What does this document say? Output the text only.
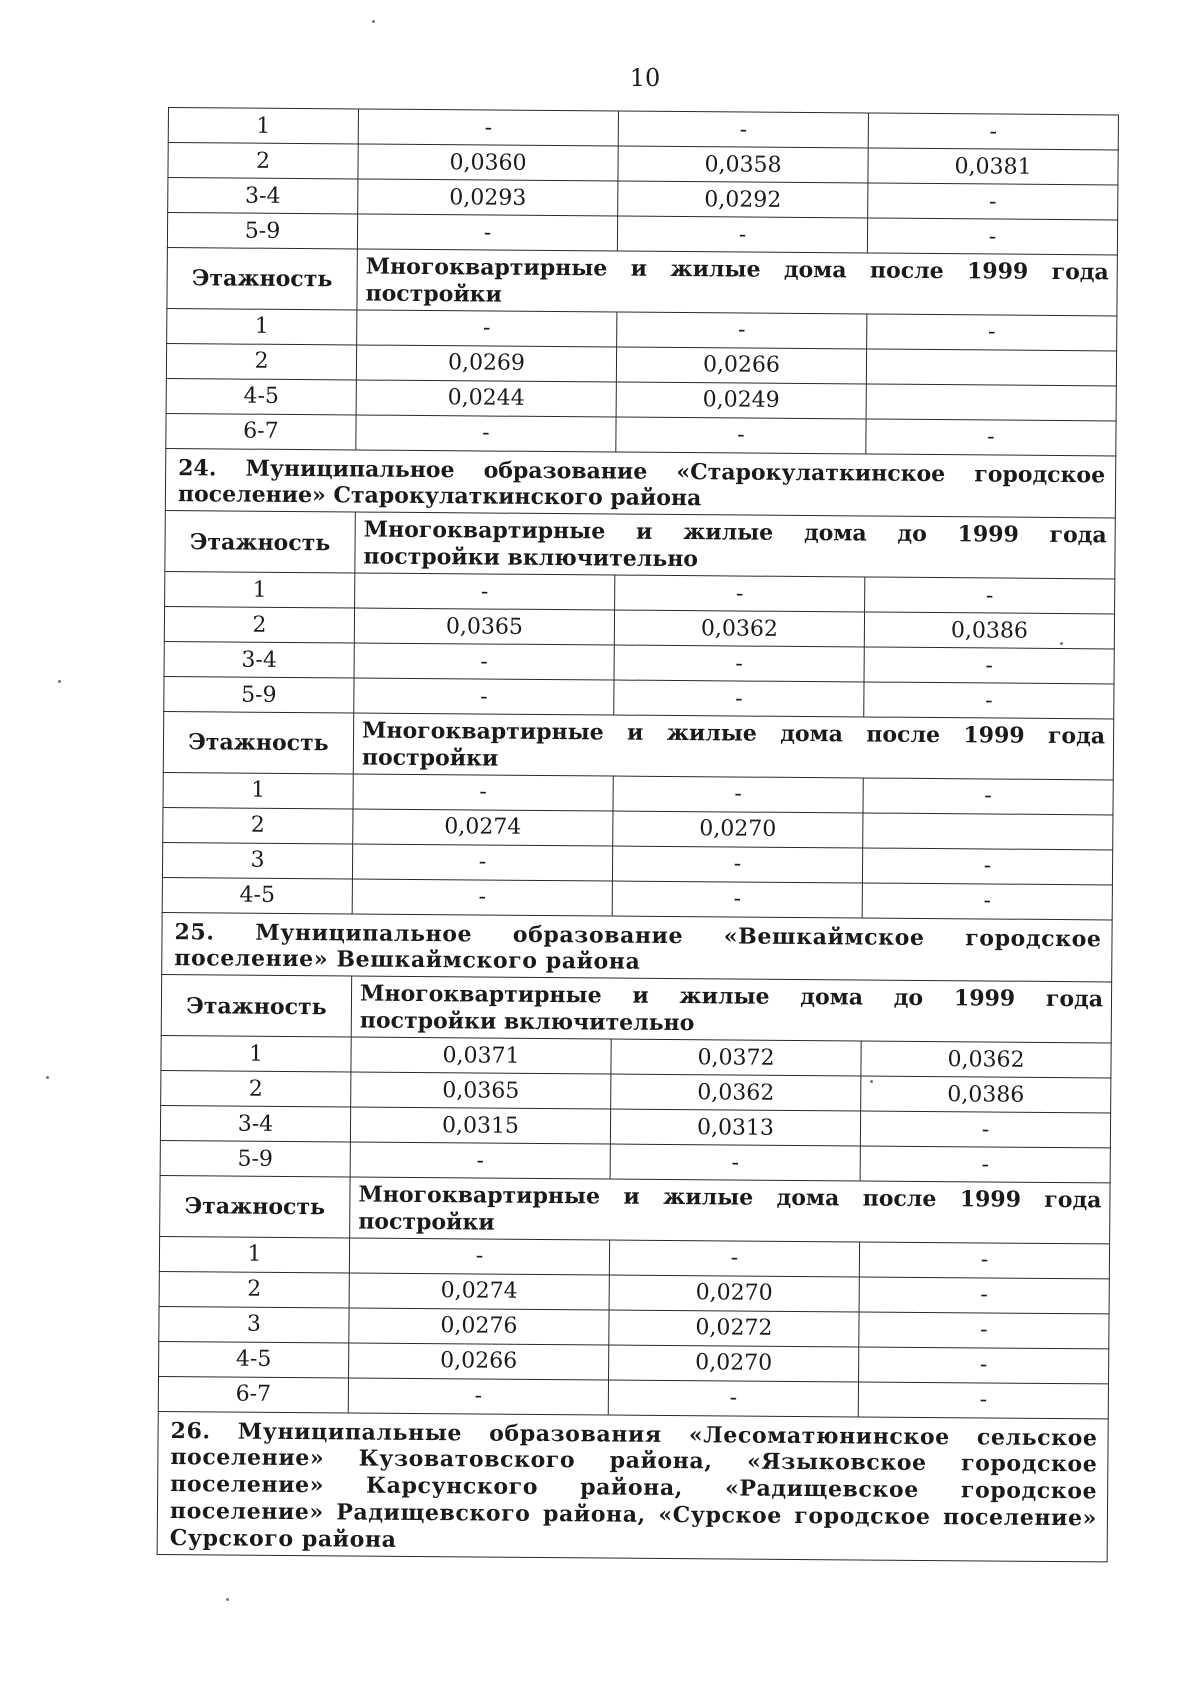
10
1	-	-	-
2	0,0360	0,0358	0,0381
3-4	0,0293	0,0292	-
5-9	-	-	-
Этажность	Многоквартирные и жилые дома после 1999 года постройки		
1	-	-	-
2	0,0269	0,0266	
4-5	0,0244	0,0249	
6-7	-	-	-
24. Муниципальное образование «Старокулаткинское городское поселение» Старокулаткинского района			
Этажность	Многоквартирные и жилые дома до 1999 года постройки включительно		
1	-	-	-
2	0,0365	0,0362	0,0386
3-4	-	-	-
5-9	-	-	-
Этажность	Многоквартирные и жилые дома после 1999 года постройки		
1	-	-	-
2	0,0274	0,0270	
3	-	-	-
4-5	-	-	-
25. Муниципальное образование «Вешкаймское городское поселение» Вешкаймского района			
Этажность	Многоквартирные и жилые дома до 1999 года постройки включительно		
1	0,0371	0,0372	0,0362
2	0,0365	0,0362	0,0386
3-4	0,0315	0,0313	-
5-9	-	-	-
Этажность	Многоквартирные и жилые дома после 1999 года постройки		
1	-	-	-
2	0,0274	0,0270	-
3	0,0276	0,0272	-
4-5	0,0266	0,0270	-
6-7	-	-	-
26. Муниципальные образования «Лесоматюнинское сельское поселение» Кузоватовского района, «Языковское городское поселение» Карсунского района, «Радищевское городское поселение» Радищевского района, «Сурское городское поселение» Сурского района			
